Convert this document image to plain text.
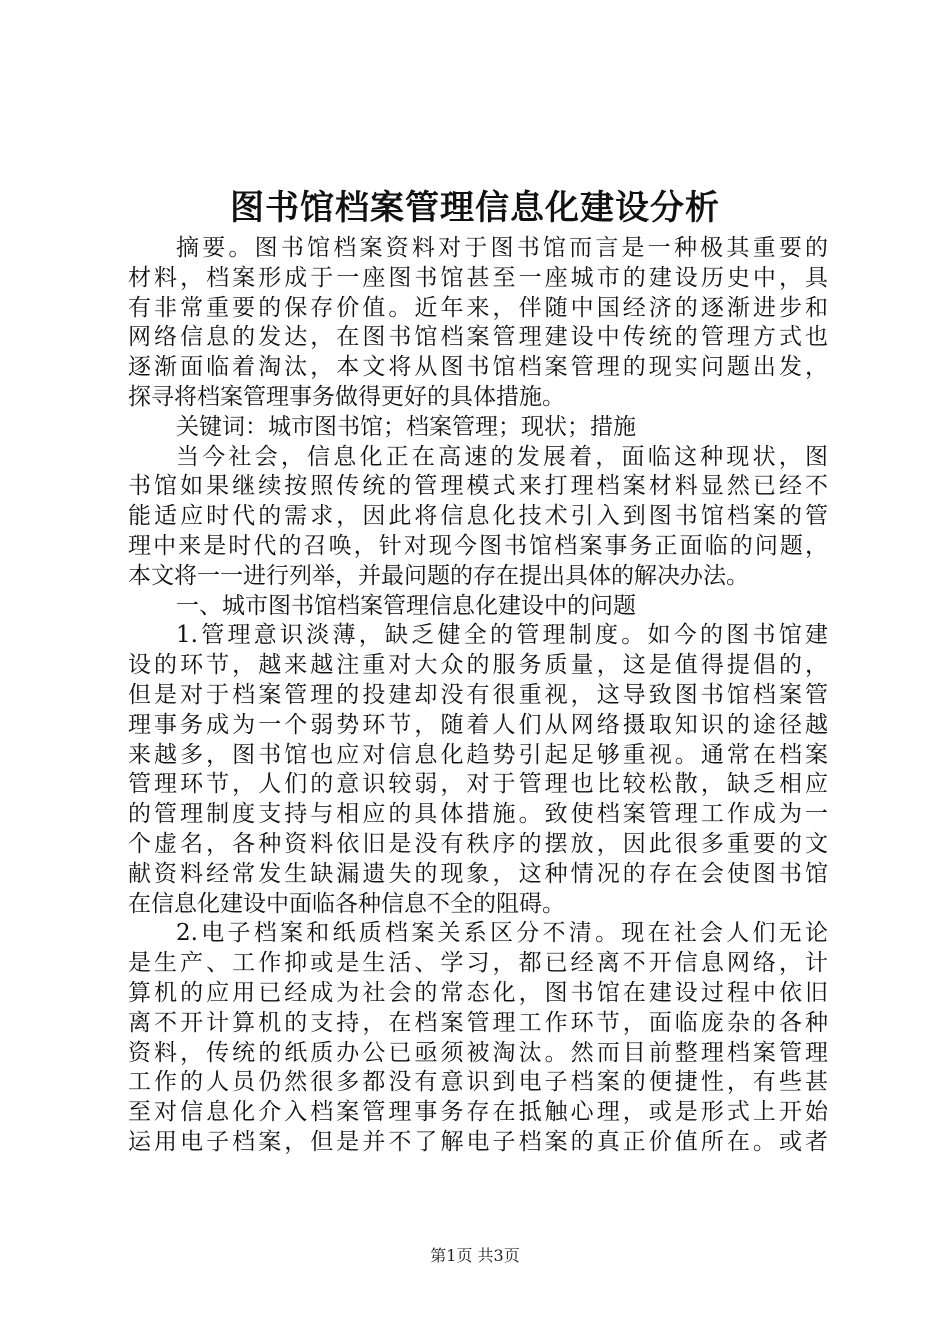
图书馆档案管理信息化建设分析
摘要。图书馆档案资料对于图书馆而言是一种极其重要的
材料，档案形成于一座图书馆甚至一座城市的建设历史中，具
有非常重要的保存价值。近年来，伴随中国经济的逐渐进步和
网络信息的发达，在图书馆档案管理建设中传统的管理方式也
逐渐面临着淘汰，本文将从图书馆档案管理的现实问题出发，
探寻将档案管理事务做得更好的具体措施。
关键词：城市图书馆；档案管理；现状；措施
当今社会，信息化正在高速的发展着，面临这种现状，图
书馆如果继续按照传统的管理模式来打理档案材料显然已经不
能适应时代的需求，因此将信息化技术引入到图书馆档案的管
理中来是时代的召唤，针对现今图书馆档案事务正面临的问题，
本文将一一进行列举，并最问题的存在提出具体的解决办法。
一、城市图书馆档案管理信息化建设中的问题
1.管理意识淡薄，缺乏健全的管理制度。如今的图书馆建
设的环节，越来越注重对大众的服务质量，这是值得提倡的，
但是对于档案管理的投建却没有很重视，这导致图书馆档案管
理事务成为一个弱势环节，随着人们从网络摄取知识的途径越
来越多，图书馆也应对信息化趋势引起足够重视。通常在档案
管理环节，人们的意识较弱，对于管理也比较松散，缺乏相应
的管理制度支持与相应的具体措施。致使档案管理工作成为一
个虚名，各种资料依旧是没有秩序的摆放，因此很多重要的文
献资料经常发生缺漏遗失的现象，这种情况的存在会使图书馆
在信息化建设中面临各种信息不全的阻碍。
2.电子档案和纸质档案关系区分不清。现在社会人们无论
是生产、工作抑或是生活、学习，都已经离不开信息网络，计
算机的应用已经成为社会的常态化，图书馆在建设过程中依旧
离不开计算机的支持，在档案管理工作环节，面临庞杂的各种
资料，传统的纸质办公已亟须被淘汰。然而目前整理档案管理
工作的人员仍然很多都没有意识到电子档案的便捷性，有些甚
至对信息化介入档案管理事务存在抵触心理，或是形式上开始
运用电子档案，但是并不了解电子档案的真正价值所在。或者
第1页 共3页
